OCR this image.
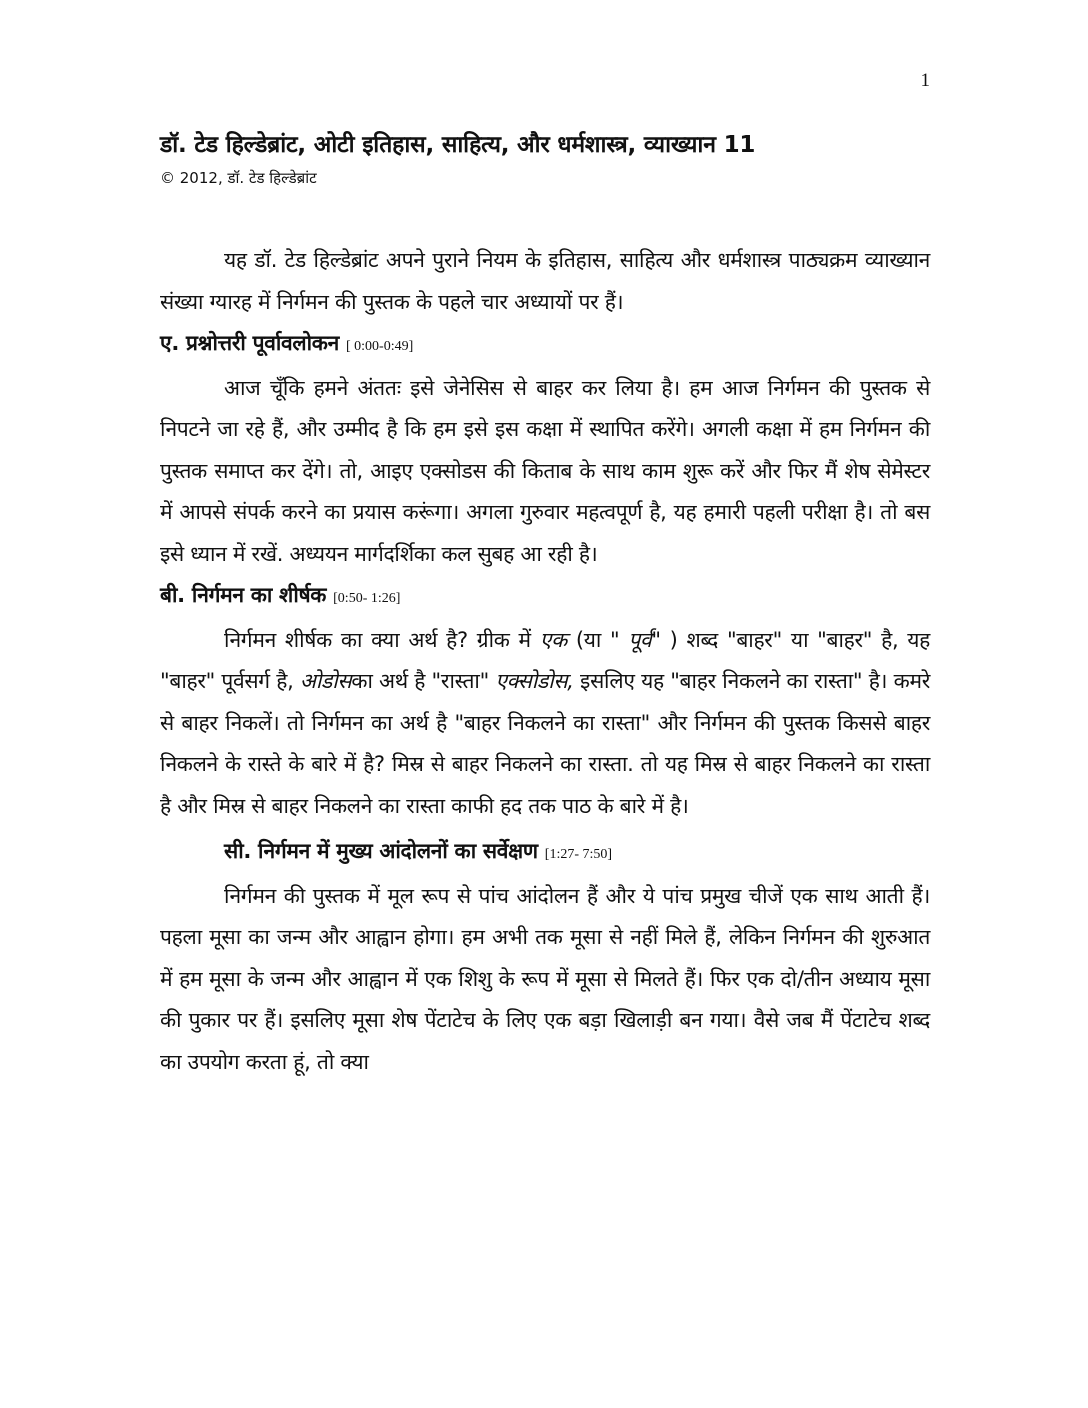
1
डॉ. टेड हिल्डेब्रांट, ओटी इतिहास, साहित्य, और धर्मशास्त्र, व्याख्यान 11

© 2012, डॉ. टेड हिल्डेब्रांट

यह डॉ. टेड हिल्डेब्रांट अपने पुराने नियम के इतिहास, साहित्य और धर्मशास्त्र पाठ्यक्रम व्याख्यान संख्या ग्यारह में निर्गमन की पुस्तक के पहले चार अध्यायों पर हैं।

ए. प्रश्नोत्तरी पूर्वावलोकन [ 0:00-0:49]

आज चूँकि हमने अंततः इसे जेनेसिस से बाहर कर लिया है। हम आज निर्गमन की पुस्तक से निपटने जा रहे हैं, और उम्मीद है कि हम इसे इस कक्षा में स्थापित करेंगे। अगली कक्षा में हम निर्गमन की पुस्तक समाप्त कर देंगे। तो, आइए एक्सोडस की किताब के साथ काम शुरू करें और फिर मैं शेष सेमेस्टर में आपसे संपर्क करने का प्रयास करूंगा। अगला गुरुवार महत्वपूर्ण है, यह हमारी पहली परीक्षा है। तो बस इसे ध्यान में रखें. अध्ययन मार्गदर्शिका कल सुबह आ रही है।

बी. निर्गमन का शीर्षक [0:50- 1:26]

निर्गमन शीर्षक का क्या अर्थ है? ग्रीक में एक (या " पूर्व" ) शब्द "बाहर" या "बाहर" है, यह "बाहर" पूर्वसर्ग है, ओडोसका अर्थ है "रास्ता" एक्सोडोस, इसलिए यह "बाहर निकलने का रास्ता" है। कमरे से बाहर निकलें। तो निर्गमन का अर्थ है "बाहर निकलने का रास्ता" और निर्गमन की पुस्तक किससे बाहर निकलने के रास्ते के बारे में है? मिस्र से बाहर निकलने का रास्ता. तो यह मिस्र से बाहर निकलने का रास्ता है और मिस्र से बाहर निकलने का रास्ता काफी हद तक पाठ के बारे में है।

सी. निर्गमन में मुख्य आंदोलनों का सर्वेक्षण [1:27- 7:50]

निर्गमन की पुस्तक में मूल रूप से पांच आंदोलन हैं और ये पांच प्रमुख चीजें एक साथ आती हैं। पहला मूसा का जन्म और आह्वान होगा। हम अभी तक मूसा से नहीं मिले हैं, लेकिन निर्गमन की शुरुआत में हम मूसा के जन्म और आह्वान में एक शिशु के रूप में मूसा से मिलते हैं। फिर एक दो/तीन अध्याय मूसा की पुकार पर हैं। इसलिए मूसा शेष पेंटाटेच के लिए एक बड़ा खिलाड़ी बन गया। वैसे जब मैं पेंटाटेच शब्द का उपयोग करता हूं, तो क्या
